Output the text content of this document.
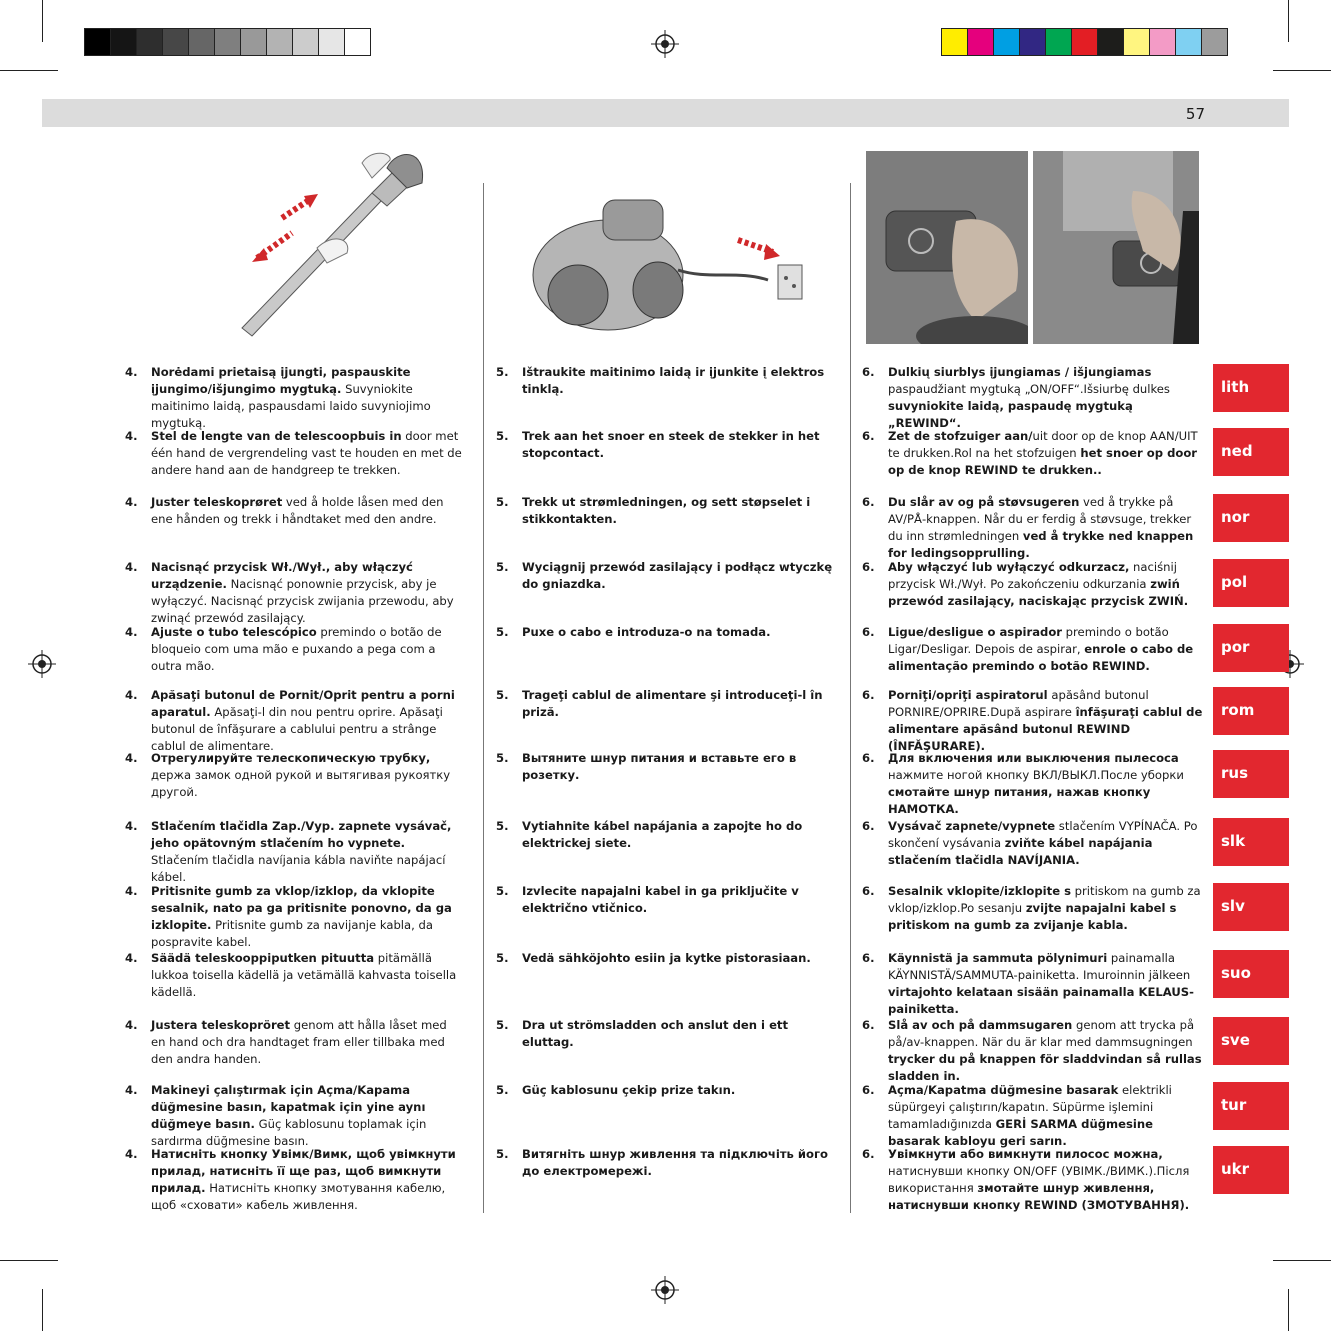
57
4. Norėdami prietaisą įjungti, paspauskite įjungimo/išjungimo mygtuką. Suvyniokite maitinimo laidą, paspausdami laido suvyniojimo mygtuką.
5. Ištraukite maitinimo laidą ir įjunkite į elektros tinklą.
6. Dulkių siurblys įjungiamas / išjungiamas paspaudžiant mygtuką „ON/OFF“.Išsiurbę dulkes suvyniokite laidą, paspaudę mygtuką „REWIND“.
lith
4. Stel de lengte van de telescoopbuis in door met één hand de vergrendeling vast te houden en met de andere hand aan de handgreep te trekken.
5. Trek aan het snoer en steek de stekker in het stopcontact.
6. Zet de stofzuiger aan/uit door op de knop AAN/UIT te drukken.Rol na het stofzuigen het snoer op door op de knop REWIND te drukken..
ned
4. Juster teleskoprøret ved å holde låsen med den ene hånden og trekk i håndtaket med den andre.
5. Trekk ut strømledningen, og sett støpselet i stikkontakten.
6. Du slår av og på støvsugeren ved å trykke på AV/PÅ-knappen. Når du er ferdig å støvsuge, trekker du inn strømledningen ved å trykke ned knappen for ledingsopprulling.
nor
4. Nacisnąć przycisk Wł./Wył., aby włączyć urządzenie. Nacisnąć ponownie przycisk, aby je wyłączyć. Nacisnąć przycisk zwijania przewodu, aby zwinąć przewód zasilający.
5. Wyciągnij przewód zasilający i podłącz wtyczkę do gniazdka.
6. Aby włączyć lub wyłączyć odkurzacz, naciśnij przycisk Wł./Wył. Po zakończeniu odkurzania zwiń przewód zasilający, naciskając przycisk ZWIŃ.
pol
4. Ajuste o tubo telescópico premindo o botão de bloqueio com uma mão e puxando a pega com a outra mão.
5. Puxe o cabo e introduza-o na tomada.	6. Ligue/desligue o aspirador premindo o botão Ligar/Desligar. Depois de aspirar, enrole o cabo de alimentação premindo o botão REWIND.
por
4. Apăsaţi butonul de Pornit/Oprit pentru a porni aparatul. Apăsaţi-l din nou pentru oprire. Apăsaţi butonul de înfăşurare a cablului pentru a strânge cablul de alimentare.
5. Trageţi cablul de alimentare şi introduceţi-l în priză.
6. Porniţi/opriţi aspiratorul apăsând butonul PORNIRE/OPRIRE.După aspirare înfăşuraţi cablul de alimentare apăsând butonul REWIND (ÎNFĂŞURARE).
rom
4. Отрегулируйте телескопическую трубку, держа замок одной рукой и вытягивая рукоятку другой.
5. Вытяните шнур питания и вставьте его в розетку.
6. Для включения или выключения пылесоса нажмите ногой кнопку ВКЛ/ВЫКЛ.После уборки смотайте шнур питания, нажав кнопку НАМОТКА.
rus
4. Stlačením tlačidla Zap./Vyp. zapnete vysávač, jeho opätovným stlačením ho vypnete. Stlačením tlačidla navíjania kábla naviňte napájací kábel.
5. Vytiahnite kábel napájania a zapojte ho do elektrickej siete.
6. Vysávač zapnete/vypnete stlačením VYPÍNAČA. Po skončení vysávania zviňte kábel napájania stlačením tlačidla NAVÍJANIA.
slk
4. Pritisnite gumb za vklop/izklop, da vklopite sesalnik, nato pa ga pritisnite ponovno, da ga izklopite. Pritisnite gumb za navijanje kabla, da pospravite kabel.
5. Izvlecite napajalni kabel in ga priključite v električno vtičnico.
6. Sesalnik vklopite/izklopite s pritiskom na gumb za vklop/izklop.Po sesanju zvijte napajalni kabel s pritiskom na gumb za zvijanje kabla.
slv
4. Säädä teleskooppiputken pituutta pitämällä lukkoa toisella kädellä ja vetämällä kahvasta toisella kädellä.
5. Vedä sähköjohto esiin ja kytke pistorasiaan.	6. Käynnistä ja sammuta pölynimuri painamalla KÄYNNISTÄ/SAMMUTA-painiketta. Imuroinnin jälkeen virtajohto kelataan sisään painamalla KELAUS-painiketta.
suo
4. Justera teleskopröret genom att hålla låset med en hand och dra handtaget fram eller tillbaka med den andra handen.
5. Dra ut strömsladden och anslut den i ett eluttag.
6. Slå av och på dammsugaren genom att trycka på på/av-knappen. När du är klar med dammsugningen trycker du på knappen för sladdvindan så rullas sladden in.
sve
4. Makineyi çalıştırmak için Açma/Kapama düğmesine basın, kapatmak için yine aynı düğmeye basın. Güç kablosunu toplamak için sardırma düğmesine basın.
5. Güç kablosunu çekip prize takın.	6. Açma/Kapatma düğmesine basarak elektrikli süpürgeyi çalıştırın/kapatın. Süpürme işlemini tamamladığınızda GERİ SARMA düğmesine basarak kabloyu geri sarın.
tur
4. Натисніть кнопку Увімк/Вимк, щоб увімкнути прилад, натисніть її ще раз, щоб вимкнути прилад. Натисніть кнопку змотування кабелю, щоб «сховати» кабель живлення.
5. Витягніть шнур живлення та підключіть його до електромережі.
6. Увімкнути або вимкнути пилосос можна, натиснувши кнопку ON/OFF (УВІМК./ВИМК.).Після використання змотайте шнур живлення, натиснувши кнопку REWIND (ЗМОТУВАННЯ).
ukr
